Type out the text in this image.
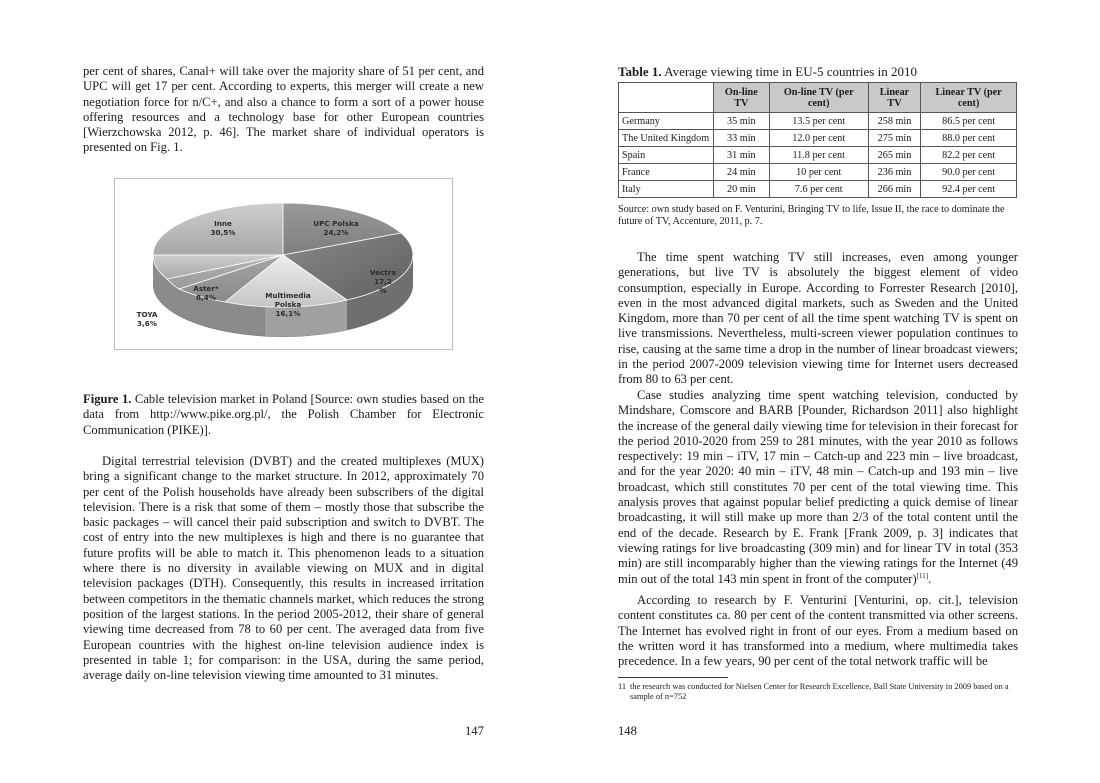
per cent of shares, Canal+ will take over the majority share of 51 per cent, and UPC will get 17 per cent. According to experts, this merger will create a new negotiation force for n/C+, and also a chance to form a sort of a power house offering resources and a technology base for other European countries [Wierzchowska 2012, p. 46]. The market share of individual operators is presented on Fig. 1.

Inne
30,5%
UPC Polska
24,2%
Vectra
17,2
%
Multimedia
Polska
16,1%
Aster*
8,4%
TOYA
3,6%

Figure 1. Cable television market in Poland [Source: own studies based on the data from http://www.pike.org.pl/, the Polish Chamber for Electronic Communication (PIKE)].

Digital terrestrial television (DVBT) and the created multiplexes (MUX) bring a significant change to the market structure. In 2012, approximately 70 per cent of the Polish households have already been subscribers of the digital television. There is a risk that some of them – mostly those that subscribe the basic packages – will cancel their paid subscription and switch to DVBT. The cost of entry into the new multiplexes is high and there is no guarantee that future profits will be able to match it. This phenomenon leads to a situation where there is no diversity in available viewing on MUX and in digital television packages (DTH). Consequently, this results in increased irritation between competitors in the thematic channels market, which reduces the strong position of the largest stations. In the period 2005-2012, their share of general viewing time decreased from 78 to 60 per cent. The averaged data from five European countries with the highest on-line television audience index is presented in table 1; for comparison: in the USA, during the same period, average daily on-line television viewing time amounted to 31 minutes.

147
Table 1. Average viewing time in EU-5 countries in 2010
	On-line TV	On-line TV (per cent)	Linear TV	Linear TV (per cent)
Germany	35 min	13.5 per cent	258 min	86.5 per cent
The United Kingdom	33 min	12.0 per cent	275 min	88.0 per cent
Spain	31 min	11.8 per cent	265 min	82.2 per cent
France	24 min	10 per cent	236 min	90.0 per cent
Italy	20 min	7.6 per cent	266 min	92.4 per cent

Source: own study based on F. Venturini, Bringing TV to life, Issue II, the race to dominate the future of TV, Accenture, 2011, p. 7.

The time spent watching TV still increases, even among younger generations, but live TV is absolutely the biggest element of video consumption, especially in Europe. According to Forrester Research [2010], even in the most advanced digital markets, such as Sweden and the United Kingdom, more than 70 per cent of all the time spent watching TV is spent on live transmissions. Nevertheless, multi-screen viewer population continues to rise, causing at the same time a drop in the number of linear broadcast viewers; in the period 2007-2009 television viewing time for Internet users decreased from 80 to 63 per cent.

Case studies analyzing time spent watching television, conducted by Mindshare, Comscore and BARB [Pounder, Richardson 2011] also highlight the increase of the general daily viewing time for television in their forecast for the period 2010-2020 from 259 to 281 minutes, with the year 2010 as follows respectively: 19 min – iTV, 17 min – Catch-up and 223 min – live broadcast, and for the year 2020: 40 min – iTV, 48 min – Catch-up and 193 min – live broadcast, which still constitutes 70 per cent of the total viewing time. This analysis proves that against popular belief predicting a quick demise of linear broadcasting, it will still make up more than 2/3 of the total content until the end of the decade. Research by E. Frank [Frank 2009, p. 3] indicates that viewing ratings for live broadcasting (309 min) and for linear TV in total (353 min) are still incomparably higher than the viewing ratings for the Internet (49 min out of the total 143 min spent in front of the computer)[11].

According to research by F. Venturini [Venturini, op. cit.], television content constitutes ca. 80 per cent of the content transmitted via other screens. The Internet has evolved right in front of our eyes. From a medium based on the written word it has transformed into a medium, where multimedia takes precedence. In a few years, 90 per cent of the total network traffic will be

11 the research was conducted for Nielsen Center for Research Excellence, Ball State University in 2009 based on a sample of n=752
148
